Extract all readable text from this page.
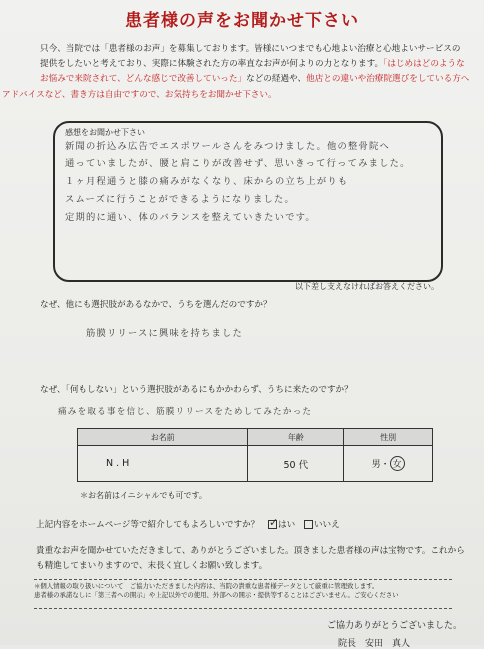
患者様の声をお聞かせ下さい
只今、当院では「患者様のお声」を募集しております。皆様にいつまでも心地よい治療と心地よいサービスの
提供をしたいと考えており、実際に体験された方の率直なお声が何よりの力となります。「はじめはどのような
お悩みで来院されて、どんな感じで改善していった」などの経過や、他店との違いや治療院選びをしている方へ
アドバイスなど、書き方は自由ですので、お気持ちをお聞かせ下さい。
感想をお聞かせ下さい
新聞の折込み広告でエスポワールさんをみつけました。他の整骨院へ
通っていましたが、腰と肩こりが改善せず、思いきって行ってみました。
１ヶ月程通うと膝の痛みがなくなり、床からの立ち上がりも
スムーズに行うことができるようになりました。
定期的に通い、体のバランスを整えていきたいです。
以下差し支えなければお答えください。
なぜ、他にも選択肢があるなかで、うちを選んだのですか？
筋膜リリースに興味を持ちました
なぜ、「何もしない」という選択肢があるにもかかわらず、うちに来たのですか？
痛みを取る事を信じ、筋膜リリースをためしてみたかった
お名前	年齢	性別
N . H	50 代	男・ 女
＊お名前はイニシャルでも可です。
上記内容をホームページ等で紹介してもよろしいですか？ ✓ はい いいえ
貴重なお声を聞かせていただきまして、ありがとうございました。頂きました患者様の声は宝物です。これから
も精進してまいりますので、末長く宜しくお願い致します。
＊個人情報の取り扱いについて　ご協力いただきました内容は、当院の貴重な患者様データとして厳重に管理致します。
患者様の承諾なしに「第三者への開示」や上記以外での使用、外部への開示・提供等することはございません。ご安心ください
ご協力ありがとうございました。
院長　安田　真人
